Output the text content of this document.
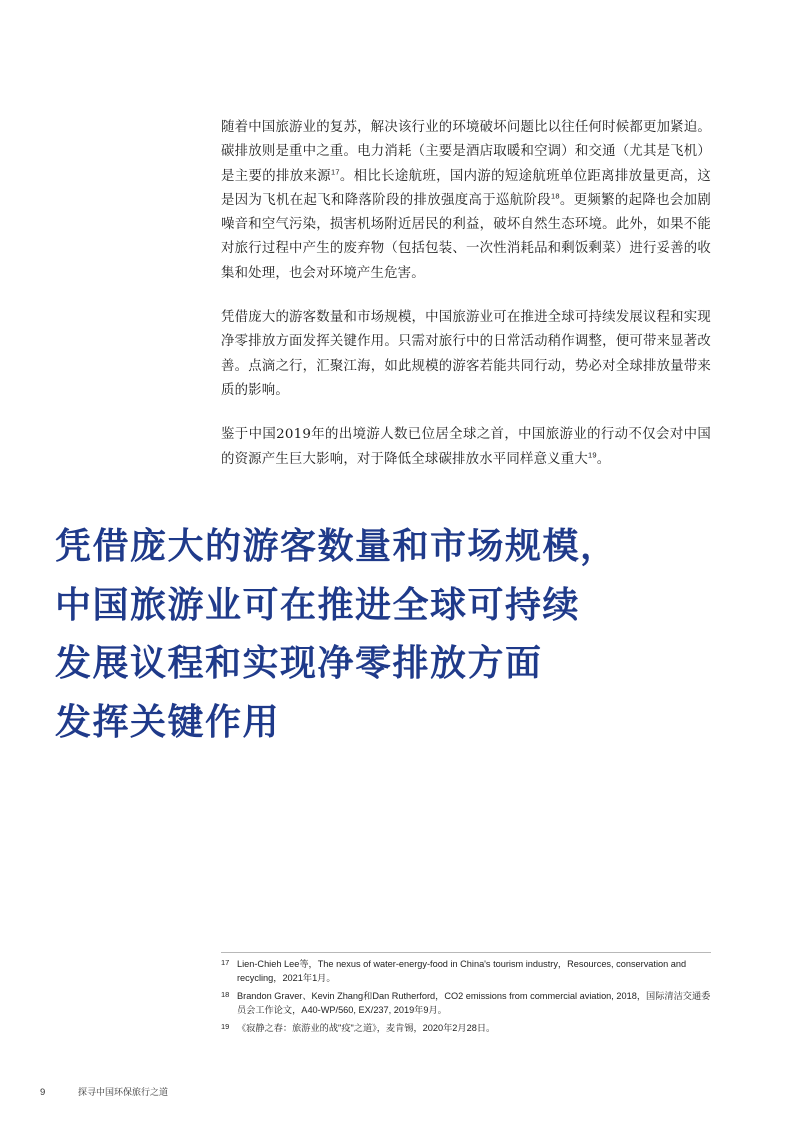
随着中国旅游业的复苏，解决该行业的环境破坏问题比以往任何时候都更加紧迫。碳排放则是重中之重。电力消耗（主要是酒店取暖和空调）和交通（尤其是飞机）是主要的排放来源$^{17}$。相比长途航班，国内游的短途航班单位距离排放量更高，这是因为飞机在起飞和降落阶段的排放强度高于巡航阶段$^{18}$。更频繁的起降也会加剧噪音和空气污染，损害机场附近居民的利益，破坏自然生态环境。此外，如果不能对旅行过程中产生的废弃物（包括包装、一次性消耗品和剩饭剩菜）进行妥善的收集和处理，也会对环境产生危害。

凭借庞大的游客数量和市场规模，中国旅游业可在推进全球可持续发展议程和实现净零排放方面发挥关键作用。只需对旅行中的日常活动稍作调整，便可带来显著改善。点滴之行，汇聚江海，如此规模的游客若能共同行动，势必对全球排放量带来质的影响。

鉴于中国2019年的出境游人数已位居全球之首，中国旅游业的行动不仅会对中国的资源产生巨大影响，对于降低全球碳排放水平同样意义重大$^{19}$。

凭借庞大的游客数量和市场规模，
中国旅游业可在推进全球可持续
发展议程和实现净零排放方面
发挥关键作用

17 Lien-Chieh Lee等，The nexus of water-energy-food in China's tourism industry，Resources, conservation and recycling，2021年1月。

18 Brandon Graver、Kevin Zhang和Dan Rutherford，CO2 emissions from commercial aviation, 2018，国际清洁交通委员会工作论文，A40-WP/560, EX/237, 2019年9月。

19 《寂静之春：旅游业的战"疫"之道》，麦肯锡，2020年2月28日。

9	探寻中国环保旅行之道
